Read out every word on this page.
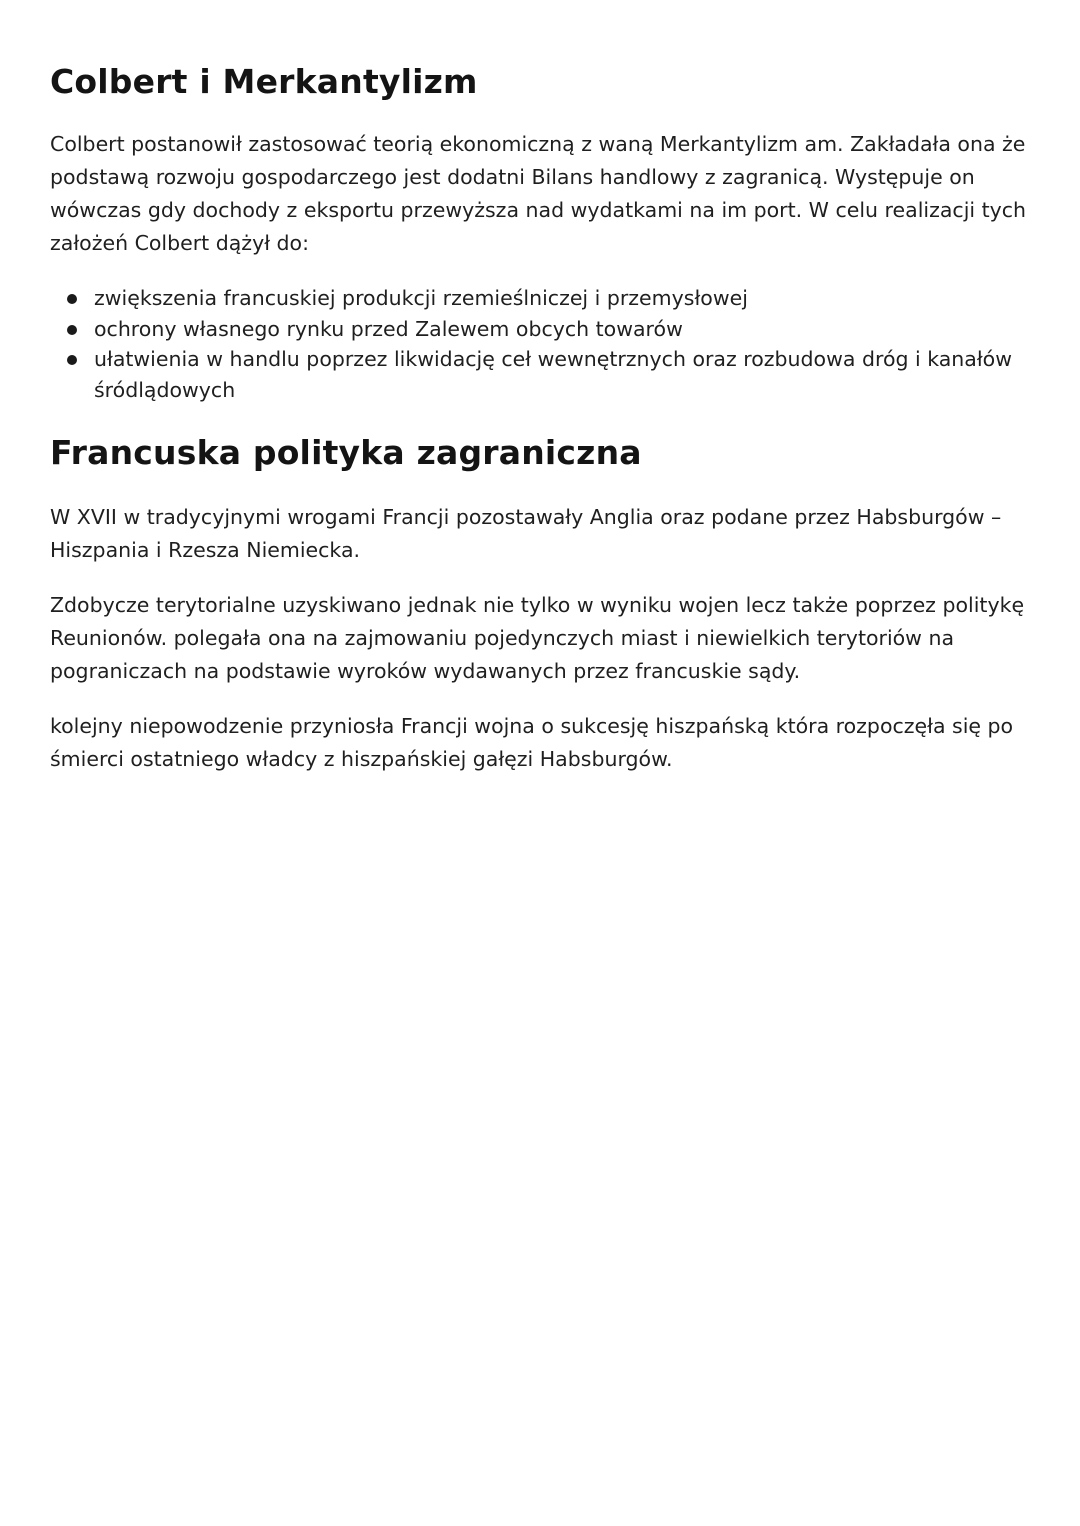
Colbert i Merkantylizm

Colbert postanowił zastosować teorią ekonomiczną z waną Merkantylizm am. Zakładała ona że podstawą rozwoju gospodarczego jest dodatni Bilans handlowy z zagranicą. Występuje on wówczas gdy dochody z eksportu przewyższa nad wydatkami na im port. W celu realizacji tych założeń Colbert dążył do:

zwiększenia francuskiej produkcji rzemieślniczej i przemysłowej
ochrony własnego rynku przed Zalewem obcych towarów
ułatwienia w handlu poprzez likwidację ceł wewnętrznych oraz rozbudowa dróg i kanałów śródlądowych
Francuska polityka zagraniczna

W XVII w tradycyjnymi wrogami Francji pozostawały Anglia oraz podane przez Habsburgów – Hiszpania i Rzesza Niemiecka.

Zdobycze terytorialne uzyskiwano jednak nie tylko w wyniku wojen lecz także poprzez politykę Reunionów. polegała ona na zajmowaniu pojedynczych miast i niewielkich terytoriów na pograniczach na podstawie wyroków wydawanych przez francuskie sądy.

kolejny niepowodzenie przyniosła Francji wojna o sukcesję hiszpańską która rozpoczęła się po śmierci ostatniego władcy z hiszpańskiej gałęzi Habsburgów.
